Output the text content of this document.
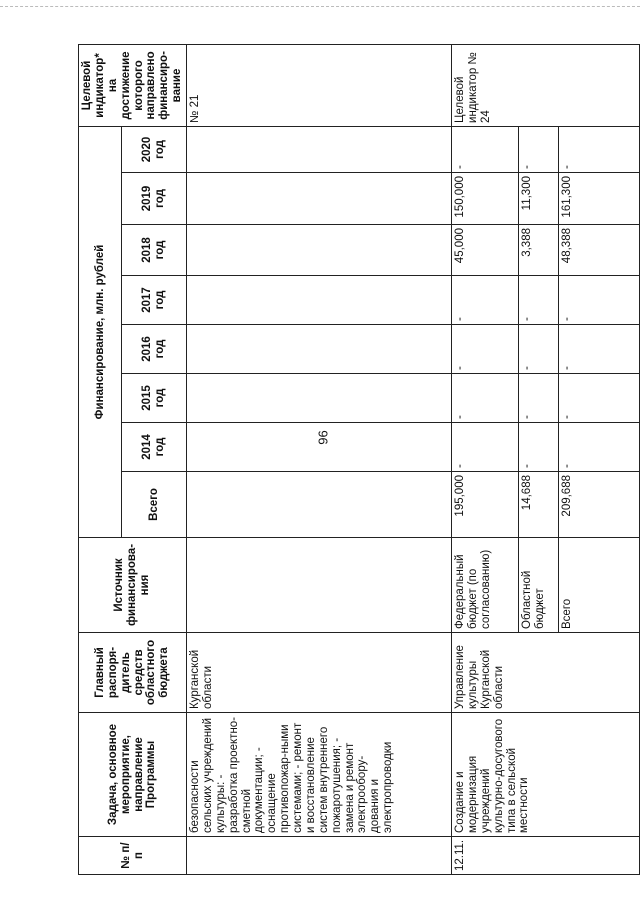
96
№ п/п	Задача, основное мероприятие, направление Программы	Главный распоря-дитель средств областного бюджета	Источник финансирова-ния	Финансирование, млн. рублей								Целевой индикатор* на достижение которого направлено финансиро-вание
				Всего	2014 год	2015 год	2016 год	2017 год	2018 год	2019 год	2020 год	
	безопасности сельских учреждений культуры: - разработка проектно-сметной документации; - оснащение противопожар-ными системами; - ремонт и восстановление систем внутреннего пожаротушения; - замена и ремонт электрообору-дования и электропроводки	Курганской области										№ 21
12.11.	Создание и модернизация учреждений культурно-досугового типа в сельской местности	Управление культуры Курганской области	Федеральный бюджет (по согласованию)	195,000	-	-	-	-	45,000	150,000	-	Целевой индикатор № 24
			Областной бюджет	14,688	-	-	-	-	3,388	11,300	-	
			Всего	209,688	-	-	-	-	48,388	161,300	-	
